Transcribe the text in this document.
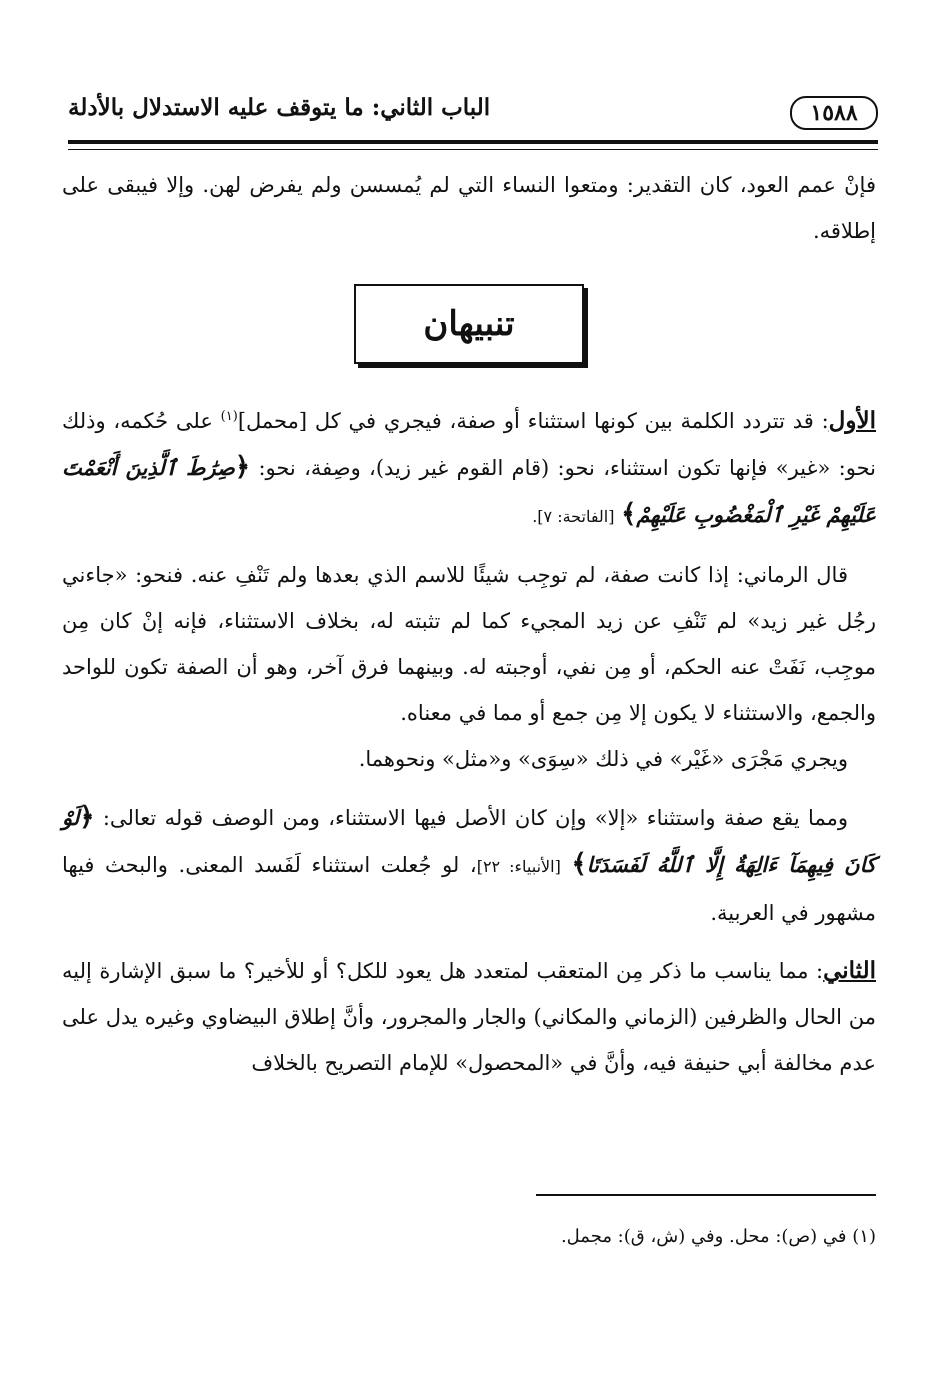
١٥٨٨
الباب الثاني: ما يتوقف عليه الاستدلال بالأدلة

فإنْ عمم العود، كان التقدير: ومتعوا النساء التي لم يُمسسن ولم يفرض لهن. وإلا فيبقى على إطلاقه.

تنبيهان

الأول: قد تتردد الكلمة بين كونها استثناء أو صفة، فيجري في كل [محمل]$^{(١)}$ على حُكمه، وذلك نحو: «غير» فإنها تكون استثناء، نحو: (قام القوم غير زيد)، وصِفة، نحو: ﴿صِرَٰطَ ٱلَّذِينَ أَنْعَمْتَ عَلَيْهِمْ غَيْرِ ٱلْمَغْضُوبِ عَلَيْهِمْ﴾ [الفاتحة: ٧].

قال الرماني: إذا كانت صفة، لم توجِب شيئًا للاسم الذي بعدها ولم تَنْفِ عنه. فنحو: «جاءني رجُل غير زيد» لم تَنْفِ عن زيد المجيء كما لم تثبته له، بخلاف الاستثناء، فإنه إنْ كان مِن موجِب، نَفَتْ عنه الحكم، أو مِن نفي، أوجبته له. وبينهما فرق آخر، وهو أن الصفة تكون للواحد والجمع، والاستثناء لا يكون إلا مِن جمع أو مما في معناه.

ويجري مَجْرَى «غَيْر» في ذلك «سِوَى» و«مثل» ونحوهما.

ومما يقع صفة واستثناء «إلا» وإن كان الأصل فيها الاستثناء، ومن الوصف قوله تعالى: ﴿لَوْ كَانَ فِيهِمَآ ءَالِهَةٌ إِلَّا ٱللَّهُ لَفَسَدَتَا﴾ [الأنبياء: ٢٢]، لو جُعلت استثناء لَفَسد المعنى. والبحث فيها مشهور في العربية.

الثاني: مما يناسب ما ذكر مِن المتعقب لمتعدد هل يعود للكل؟ أو للأخير؟ ما سبق الإشارة إليه من الحال والظرفين (الزماني والمكاني) والجار والمجرور، وأنَّ إطلاق البيضاوي وغيره يدل على عدم مخالفة أبي حنيفة فيه، وأنَّ في «المحصول» للإمام التصريح بالخلاف

(١) في (ص): محل. وفي (ش، ق): مجمل.
